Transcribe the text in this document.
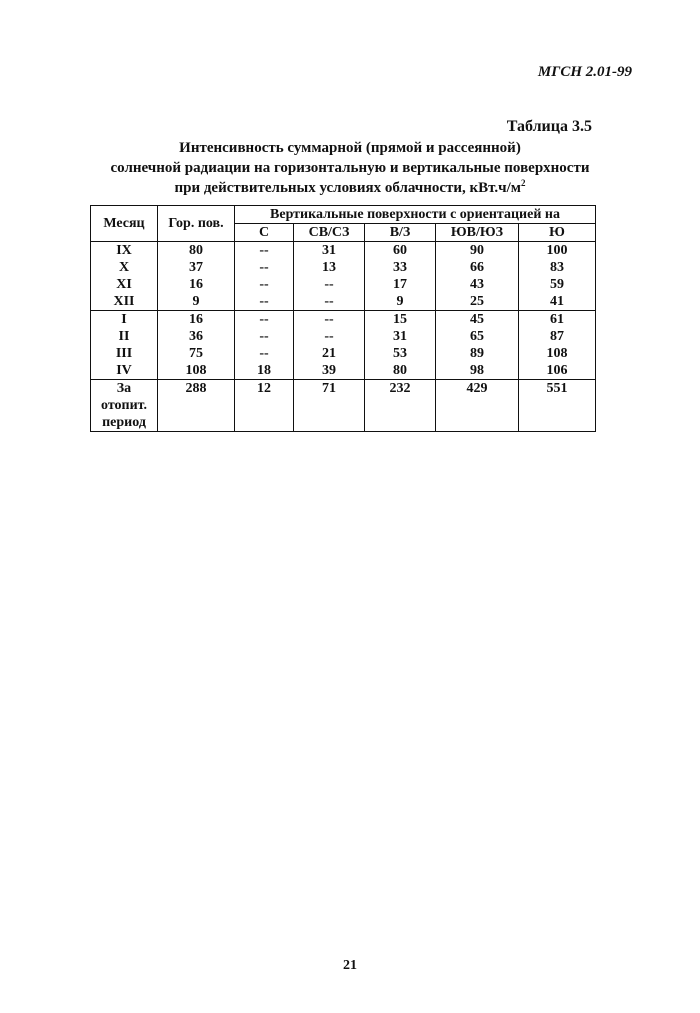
МГСН 2.01-99
Таблица 3.5
Интенсивность суммарной (прямой и рассеянной)
солнечной радиации на горизонтальную и вертикальные поверхности
при действительных условиях облачности, $кВт.ч/м^2$
Месяц	Гор. пов.	Вертикальные поверхности с ориентацией на				
		С	СВ/СЗ	В/З	ЮВ/ЮЗ	Ю
IX	80	--	31	60	90	100
X	37	--	13	33	66	83
XI	16	--	--	17	43	59
XII	9	--	--	9	25	41
I	16	--	--	15	45	61
II	36	--	--	31	65	87
III	75	--	21	53	89	108
IV	108	18	39	80	98	106

За
отопит.
период	288	12	71	232	429	551
21
